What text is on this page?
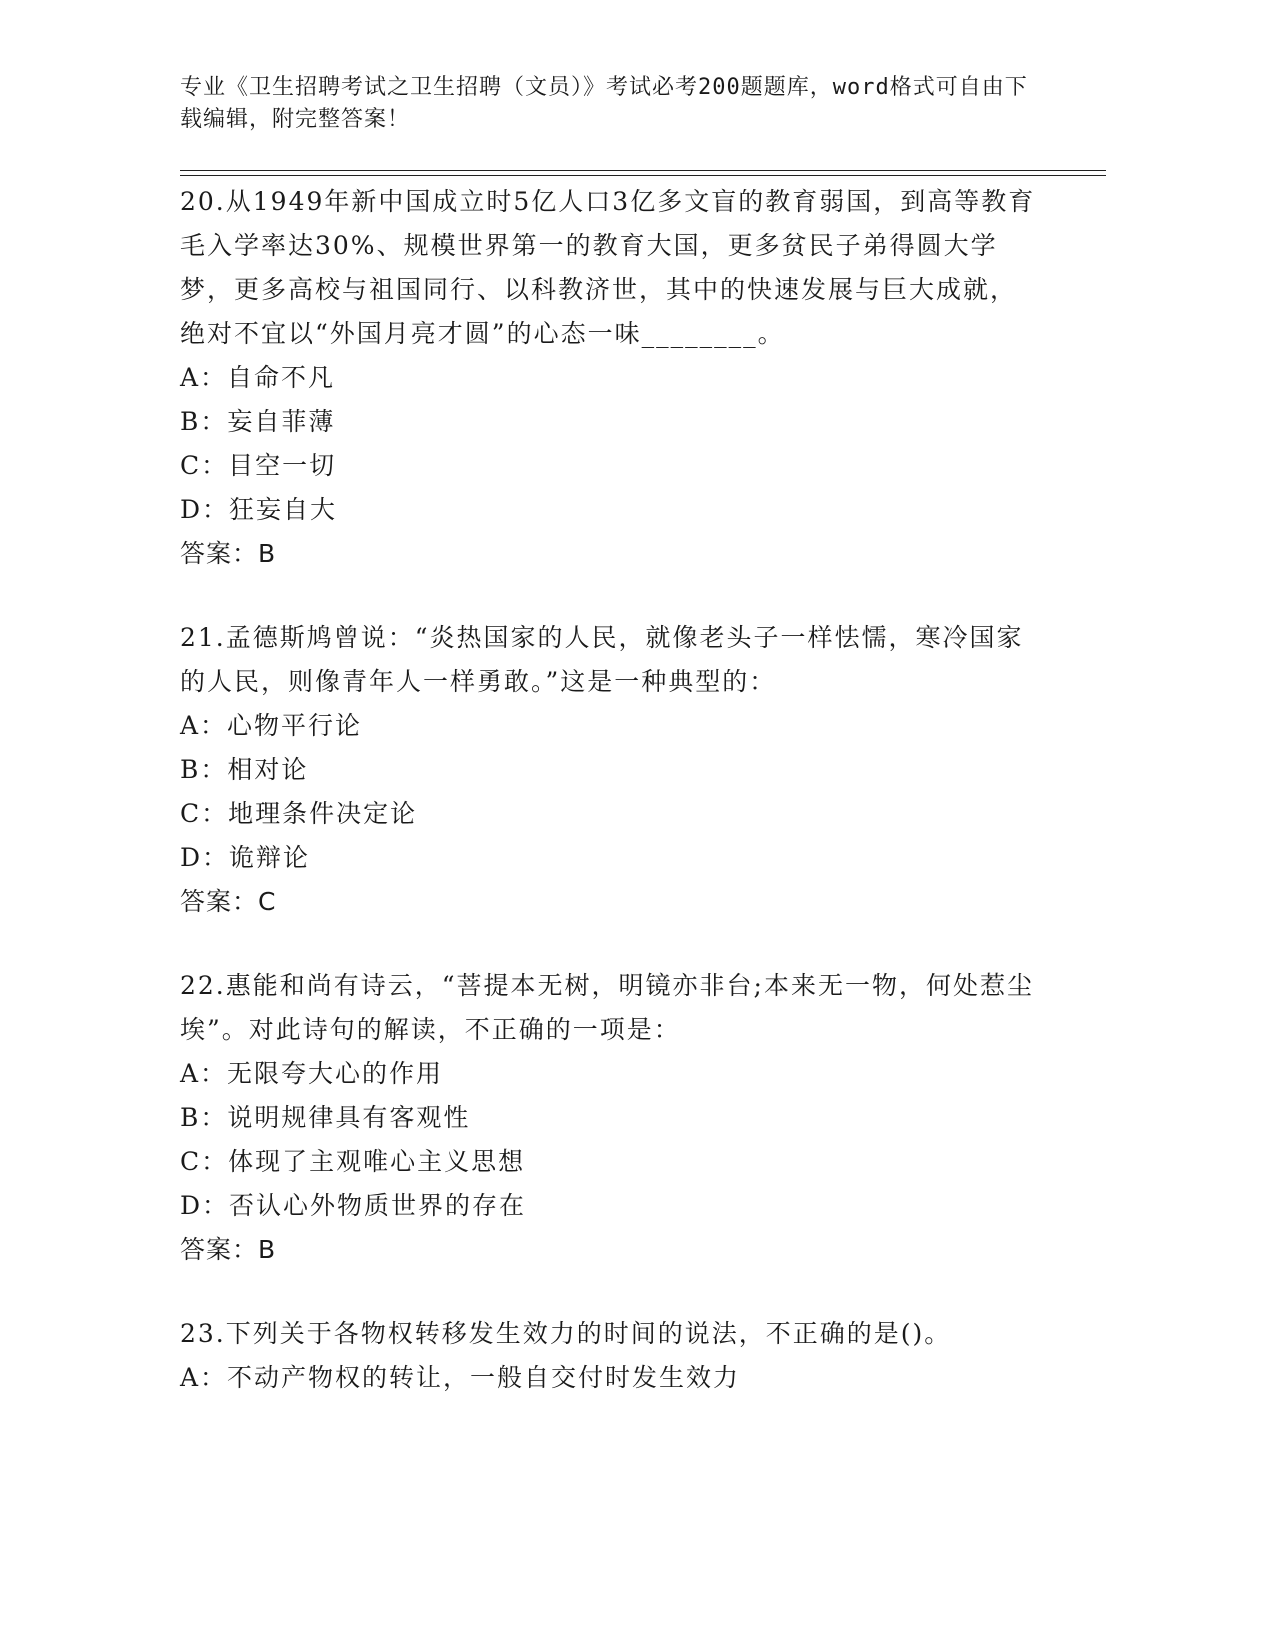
专业《卫生招聘考试之卫生招聘（文员）》考试必考200题题库，word格式可自由下载编辑，附完整答案！

20.从1949年新中国成立时5亿人口3亿多文盲的教育弱国，到高等教育毛入学率达30%、规模世界第一的教育大国，更多贫民子弟得圆大学梦，更多高校与祖国同行、以科教济世，其中的快速发展与巨大成就，绝对不宜以“外国月亮才圆”的心态一味________。

A：自命不凡

B：妄自菲薄

C：目空一切

D：狂妄自大

答案：B

21.孟德斯鸠曾说：“炎热国家的人民，就像老头子一样怯懦，寒冷国家的人民，则像青年人一样勇敢。”这是一种典型的：

A：心物平行论

B：相对论

C：地理条件决定论

D：诡辩论

答案：C

22.惠能和尚有诗云，“菩提本无树，明镜亦非台;本来无一物，何处惹尘埃”。对此诗句的解读，不正确的一项是：

A：无限夸大心的作用

B：说明规律具有客观性

C：体现了主观唯心主义思想

D：否认心外物质世界的存在

答案：B

23.下列关于各物权转移发生效力的时间的说法，不正确的是()。

A：不动产物权的转让，一般自交付时发生效力
